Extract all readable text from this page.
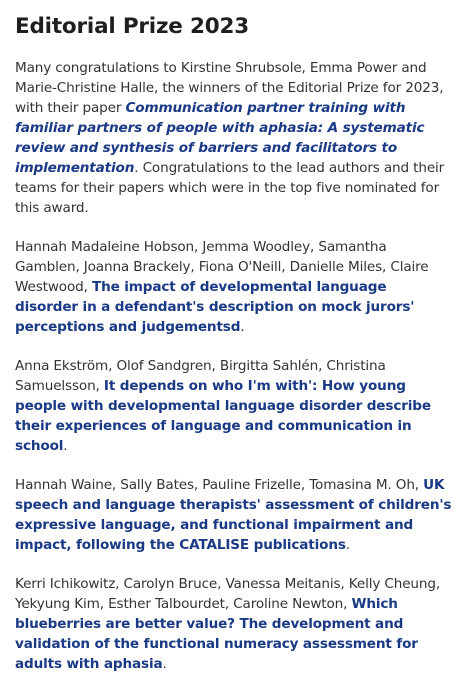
Editorial Prize 2023

Many congratulations to Kirstine Shrubsole, Emma Power and Marie-Christine Halle, the winners of the Editorial Prize for 2023, with their paper Communication partner training with familiar partners of people with aphasia: A systematic review and synthesis of barriers and facilitators to implementation. Congratulations to the lead authors and their teams for their papers which were in the top five nominated for this award.

Hannah Madaleine Hobson, Jemma Woodley, Samantha Gamblen, Joanna Brackely, Fiona O'Neill, Danielle Miles, Claire Westwood, The impact of developmental language disorder in a defendant's description on mock jurors' perceptions and judgementsd.

Anna Ekström, Olof Sandgren, Birgitta Sahlén, Christina Samuelsson, It depends on who I'm with': How young people with developmental language disorder describe their experiences of language and communication in school.

Hannah Waine, Sally Bates, Pauline Frizelle, Tomasina M. Oh, UK speech and language therapists' assessment of children's expressive language, and functional impairment and impact, following the CATALISE publications.

Kerri Ichikowitz, Carolyn Bruce, Vanessa Meitanis, Kelly Cheung, Yekyung Kim, Esther Talbourdet, Caroline Newton, Which blueberries are better value? The development and validation of the functional numeracy assessment for adults with aphasia.
